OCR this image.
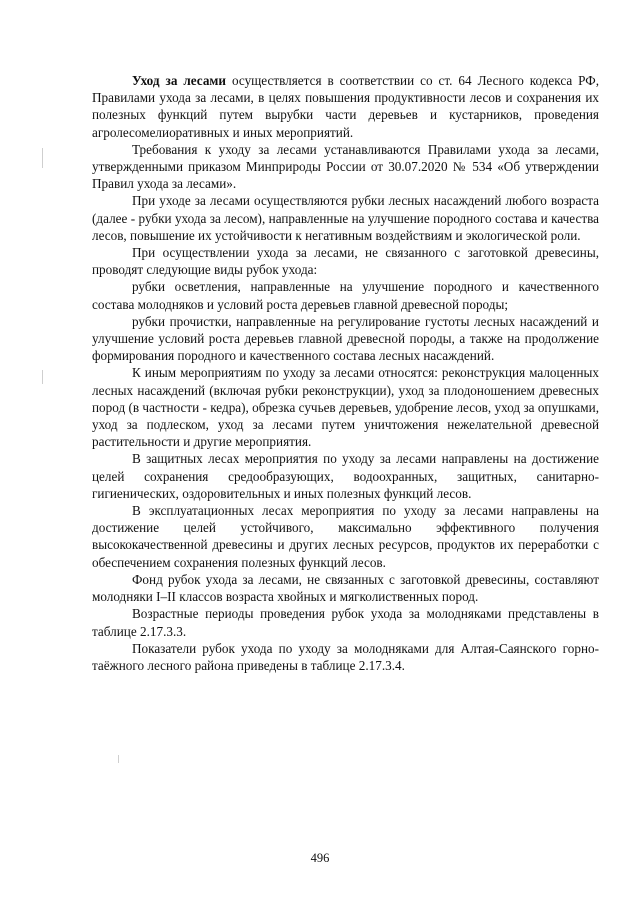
Уход за лесами осуществляется в соответствии со ст. 64 Лесного кодекса РФ, Правилами ухода за лесами, в целях повышения продуктивности лесов и сохранения их полезных функций путем вырубки части деревьев и кустарников, проведения агролесомелиоративных и иных мероприятий.

Требования к уходу за лесами устанавливаются Правилами ухода за лесами, утвержденными приказом Минприроды России от 30.07.2020 № 534 «Об утверждении Правил ухода за лесами».

При уходе за лесами осуществляются рубки лесных насаждений любого возраста (далее - рубки ухода за лесом), направленные на улучшение породного состава и качества лесов, повышение их устойчивости к негативным воздействиям и экологической роли.

При осуществлении ухода за лесами, не связанного с заготовкой древесины, проводят следующие виды рубок ухода:

рубки осветления, направленные на улучшение породного и качественного состава молодняков и условий роста деревьев главной древесной породы;

рубки прочистки, направленные на регулирование густоты лесных насаждений и улучшение условий роста деревьев главной древесной породы, а также на продолжение формирования породного и качественного состава лесных насаждений.

К иным мероприятиям по уходу за лесами относятся: реконструкция малоценных лесных насаждений (включая рубки реконструкции), уход за плодоношением древесных пород (в частности - кедра), обрезка сучьев деревьев, удобрение лесов, уход за опушками, уход за подлеском, уход за лесами путем уничтожения нежелательной древесной растительности и другие мероприятия.

В защитных лесах мероприятия по уходу за лесами направлены на достижение целей сохранения средообразующих, водоохранных, защитных, санитарно-гигиенических, оздоровительных и иных полезных функций лесов.

В эксплуатационных лесах мероприятия по уходу за лесами направлены на достижение целей устойчивого, максимально эффективного получения высококачественной древесины и других лесных ресурсов, продуктов их переработки с обеспечением сохранения полезных функций лесов.

Фонд рубок ухода за лесами, не связанных с заготовкой древесины, составляют молодняки I–II классов возраста хвойных и мягколиственных пород.

Возрастные периоды проведения рубок ухода за молодняками представлены в таблице 2.17.3.3.

Показатели рубок ухода по уходу за молодняками для Алтая-Саянского горно-таёжного лесного района приведены в таблице 2.17.3.4.

496
